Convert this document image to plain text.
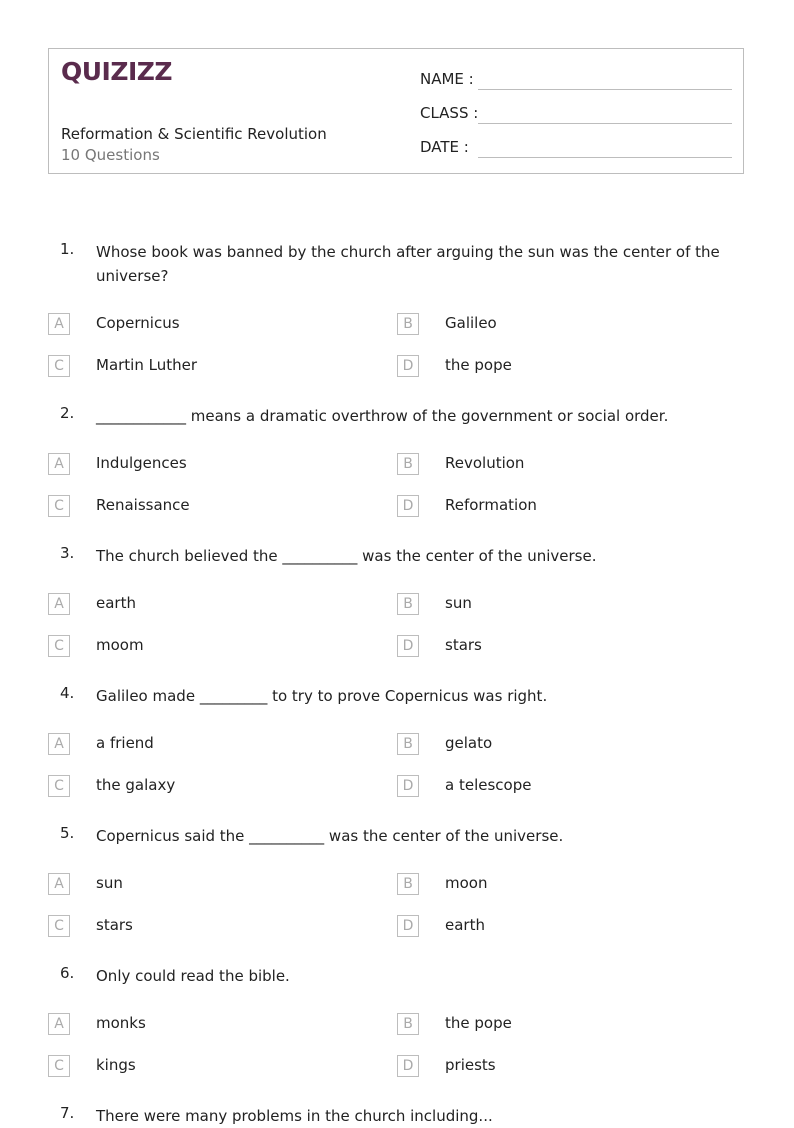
QUIZIZZ
Reformation & Scientific Revolution
10 Questions
NAME :
CLASS :
DATE :
1. Whose book was banned by the church after arguing the sun was the center of the universe?
A	Copernicus	B	Galileo
C	Martin Luther	D	the pope
2. ____________ means a dramatic overthrow of the government or social order.
A	Indulgences	B	Revolution
C	Renaissance	D	Reformation
3. The church believed the __________ was the center of the universe.
A	earth	B	sun
C	moom	D	stars
4. Galileo made _________ to try to prove Copernicus was right.
A	a friend	B	gelato
C	the galaxy	D	a telescope
5. Copernicus said the __________ was the center of the universe.
A	sun	B	moon
C	stars	D	earth
6. Only could read the bible.
A	monks	B	the pope
C	kings	D	priests
7. There were many problems in the church including...
